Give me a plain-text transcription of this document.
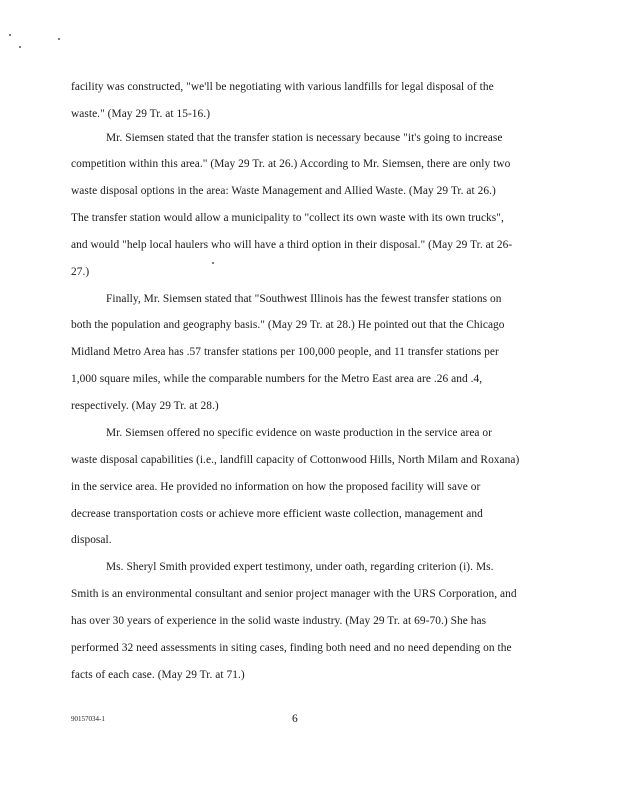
facility was constructed, "we'll be negotiating with various landfills for legal disposal of the
waste." (May 29 Tr. at 15-16.)
Mr. Siemsen stated that the transfer station is necessary because "it's going to increase
competition within this area." (May 29 Tr. at 26.) According to Mr. Siemsen, there are only two
waste disposal options in the area: Waste Management and Allied Waste. (May 29 Tr. at 26.)
The transfer station would allow a municipality to "collect its own waste with its own trucks",
and would "help local haulers who will have a third option in their disposal." (May 29 Tr. at 26-
27.)
Finally, Mr. Siemsen stated that "Southwest Illinois has the fewest transfer stations on
both the population and geography basis." (May 29 Tr. at 28.) He pointed out that the Chicago
Midland Metro Area has .57 transfer stations per 100,000 people, and 11 transfer stations per
1,000 square miles, while the comparable numbers for the Metro East area are .26 and .4,
respectively. (May 29 Tr. at 28.)
Mr. Siemsen offered no specific evidence on waste production in the service area or
waste disposal capabilities (i.e., landfill capacity of Cottonwood Hills, North Milam and Roxana)
in the service area. He provided no information on how the proposed facility will save or
decrease transportation costs or achieve more efficient waste collection, management and
disposal.
Ms. Sheryl Smith provided expert testimony, under oath, regarding criterion (i). Ms.
Smith is an environmental consultant and senior project manager with the URS Corporation, and
has over 30 years of experience in the solid waste industry. (May 29 Tr. at 69-70.) She has
performed 32 need assessments in siting cases, finding both need and no need depending on the
facts of each case. (May 29 Tr. at 71.)
90157034-1	6
